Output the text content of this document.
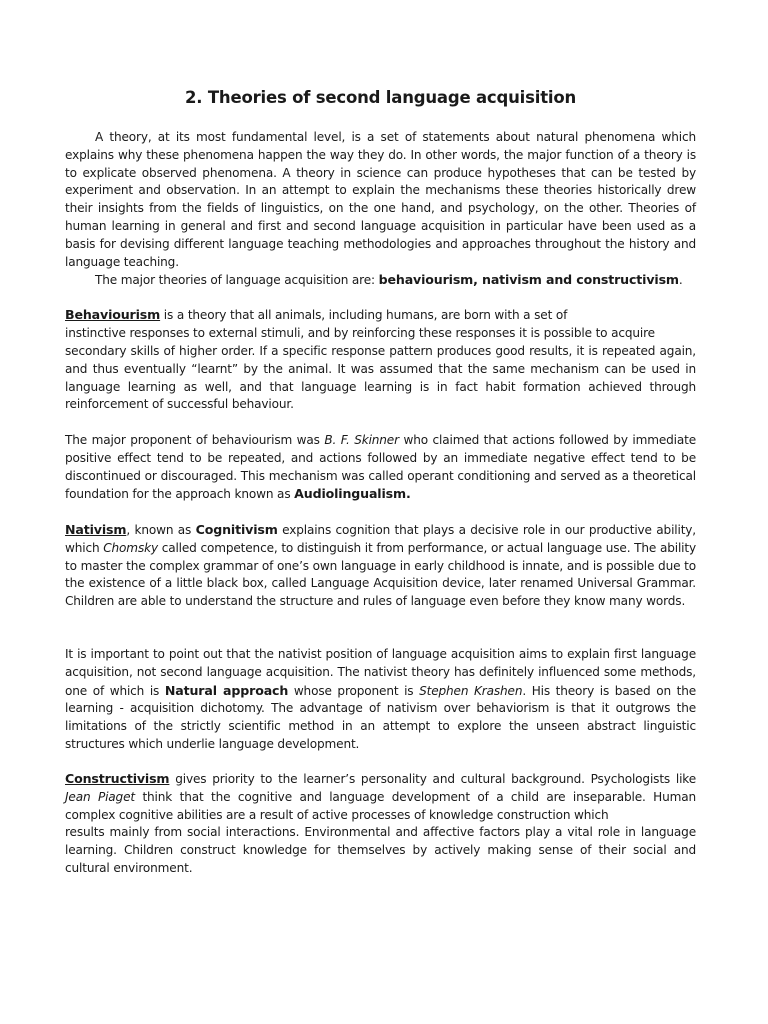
2. Theories of second language acquisition

A theory, at its most fundamental level, is a set of statements about natural phenomena which explains why these phenomena happen the way they do. In other words, the major function of a theory is to explicate observed phenomena. A theory in science can produce hypotheses that can be tested by experiment and observation. In an attempt to explain the mechanisms these theories historically drew their insights from the fields of linguistics, on the one hand, and psychology, on the other. Theories of human learning in general and first and second language acquisition in particular have been used as a basis for devising different language teaching methodologies and approaches throughout the history and language teaching.

The major theories of language acquisition are: behaviourism, nativism and constructivism.

Behaviourism is a theory that all animals, including humans, are born with a set of

instinctive responses to external stimuli, and by reinforcing these responses it is possible to acquire

secondary skills of higher order. If a specific response pattern produces good results, it is repeated again, and thus eventually “learnt” by the animal. It was assumed that the same mechanism can be used in language learning as well, and that language learning is in fact habit formation achieved through reinforcement of successful behaviour.

The major proponent of behaviourism was B. F. Skinner who claimed that actions followed by immediate positive effect tend to be repeated, and actions followed by an immediate negative effect tend to be discontinued or discouraged. This mechanism was called operant conditioning and served as a theoretical foundation for the approach known as Audiolingualism.

Nativism, known as Cognitivism explains cognition that plays a decisive role in our productive ability, which Chomsky called competence, to distinguish it from performance, or actual language use. The ability to master the complex grammar of one’s own language in early childhood is innate, and is possible due to the existence of a little black box, called Language Acquisition device, later renamed Universal Grammar. Children are able to understand the structure and rules of language even before they know many words.

It is important to point out that the nativist position of language acquisition aims to explain first language acquisition, not second language acquisition. The nativist theory has definitely influenced some methods, one of which is Natural approach whose proponent is Stephen Krashen. His theory is based on the learning - acquisition dichotomy. The advantage of nativism over behaviorism is that it outgrows the limitations of the strictly scientific method in an attempt to explore the unseen abstract linguistic structures which underlie language development.

Constructivism gives priority to the learner’s personality and cultural background. Psychologists like Jean Piaget think that the cognitive and language development of a child are inseparable. Human complex cognitive abilities are a result of active processes of knowledge construction which

results mainly from social interactions. Environmental and affective factors play a vital role in language learning. Children construct knowledge for themselves by actively making sense of their social and cultural environment.
